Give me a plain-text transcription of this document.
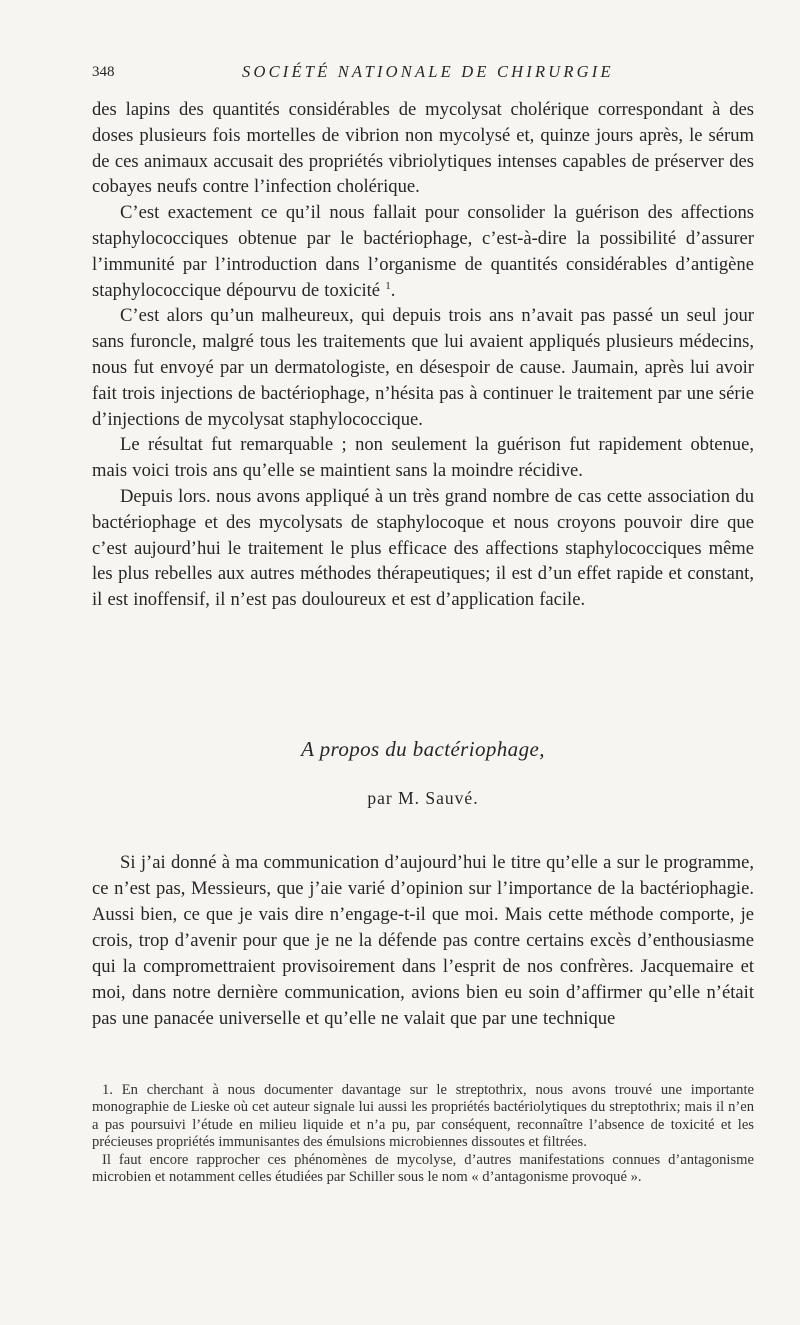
348	SOCIÉTÉ NATIONALE DE CHIRURGIE

des lapins des quantités considérables de mycolysat cholérique correspondant à des doses plusieurs fois mortelles de vibrion non mycolysé et, quinze jours après, le sérum de ces animaux accusait des propriétés vibriolytiques intenses capables de préserver des cobayes neufs contre l’infection cholérique.

C’est exactement ce qu’il nous fallait pour consolider la guérison des affections staphylococciques obtenue par le bactériophage, c’est-à-dire la possibilité d’assurer l’immunité par l’introduction dans l’organisme de quantités considérables d’antigène staphylococcique dépourvu de toxicité $^1$.

C’est alors qu’un malheureux, qui depuis trois ans n’avait pas passé un seul jour sans furoncle, malgré tous les traitements que lui avaient appliqués plusieurs médecins, nous fut envoyé par un dermatologiste, en désespoir de cause. Jaumain, après lui avoir fait trois injections de bactériophage, n’hésita pas à continuer le traitement par une série d’injections de mycolysat staphylococcique.

Le résultat fut remarquable ; non seulement la guérison fut rapidement obtenue, mais voici trois ans qu’elle se maintient sans la moindre récidive.

Depuis lors. nous avons appliqué à un très grand nombre de cas cette association du bactériophage et des mycolysats de staphylocoque et nous croyons pouvoir dire que c’est aujourd’hui le traitement le plus efficace des affections staphylococciques même les plus rebelles aux autres méthodes thérapeutiques; il est d’un effet rapide et constant, il est inoffensif, il n’est pas douloureux et est d’application facile.

A propos du bactériophage,
par M. Sauvé.

Si j’ai donné à ma communication d’aujourd’hui le titre qu’elle a sur le programme, ce n’est pas, Messieurs, que j’aie varié d’opinion sur l’importance de la bactériophagie. Aussi bien, ce que je vais dire n’engage-t-il que moi. Mais cette méthode comporte, je crois, trop d’avenir pour que je ne la défende pas contre certains excès d’enthousiasme qui la compromettraient provisoirement dans l’esprit de nos confrères. Jacquemaire et moi, dans notre dernière communication, avions bien eu soin d’affirmer qu’elle n’était pas une panacée universelle et qu’elle ne valait que par une technique

1. En cherchant à nous documenter davantage sur le streptothrix, nous avons trouvé une importante monographie de Lieske où cet auteur signale lui aussi les propriétés bactériolytiques du streptothrix; mais il n’en a pas poursuivi l’étude en milieu liquide et n’a pu, par conséquent, reconnaître l’absence de toxicité et les précieuses propriétés immunisantes des émulsions microbiennes dissoutes et filtrées.

Il faut encore rapprocher ces phénomènes de mycolyse, d’autres manifestations connues d’antagonisme microbien et notamment celles étudiées par Schiller sous le nom « d’antagonisme provoqué ».
